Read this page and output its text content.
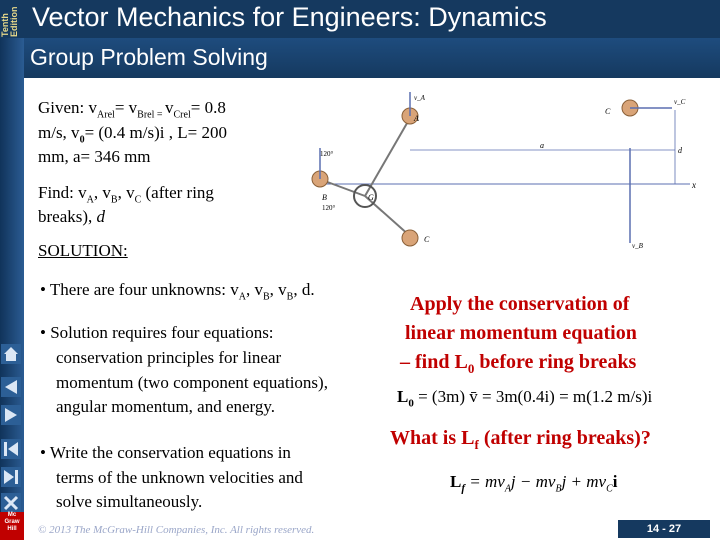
Tenth Edition Vector Mechanics for Engineers: Dynamics
Group Problem Solving
Given: $v_{Arel}= v_{Brel =}$ $v_{Crel}= 0.8$
m/s, $v_0= (0.4$ m/s)i , L= 200
mm, a= 346 mm
Find: $v_A$, $v_B$, $v_C$ (after ring
breaks), d
SOLUTION:
• There are four unknowns: $v_A$, $v_B$, $v_B$, d.
• Solution requires four equations:
conservation principles for linear
momentum (two component equations),
angular momentum, and energy.
• Write the conservation equations in
terms of the unknown velocities and
solve simultaneously.
Apply the conservation of
linear momentum equation
– find $L_0$ before ring breaks
$L_0 = (3m)$ v̄ = 3m(0.4i) = m(1.2 m/s)i
What is $L_f$ (after ring breaks)?
$L_f = mv_Aj - mv_Bj + mv_Ci$
x
G
A
B
C
C
v_A	v_C
v_B
a
d
120°
120°
© 2013 The McGraw-Hill Companies, Inc. All rights reserved.	14 - 27
Mc Graw Hill
